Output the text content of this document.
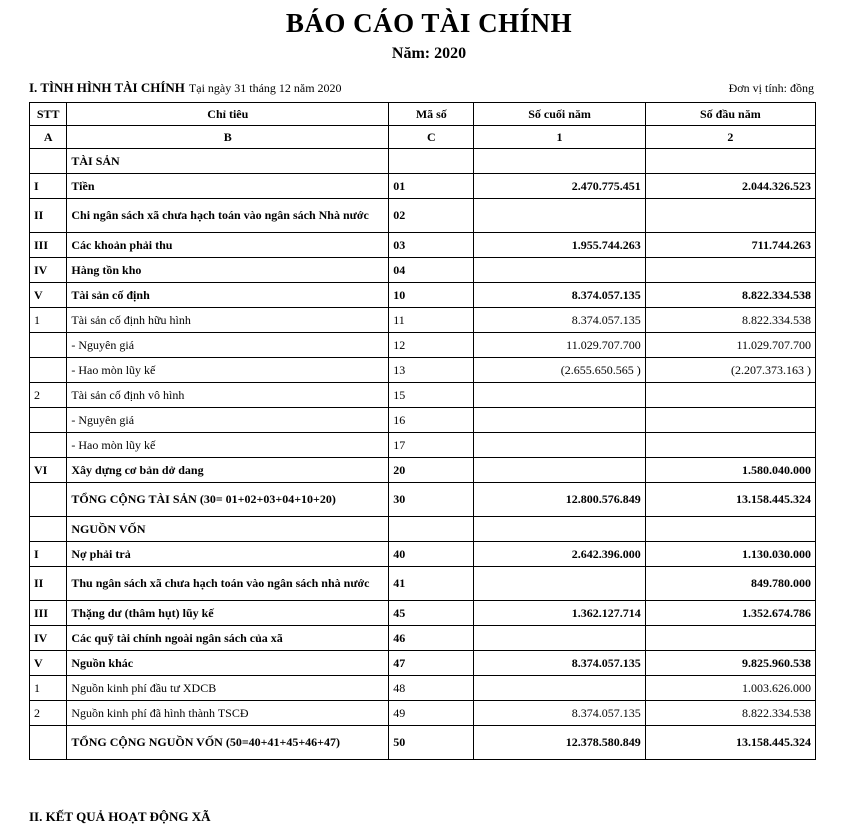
BÁO CÁO TÀI CHÍNH
Năm: 2020
I. TÌNH HÌNH TÀI CHÍNH Tại ngày 31 tháng 12 năm 2020	Đơn vị tính: đồng
STT	Chỉ tiêu	Mã số	Số cuối năm	Số đầu năm
A	B	C	1	2
	TÀI SẢN			
I	Tiền	01	2.470.775.451	2.044.326.523
II	Chi ngân sách xã chưa hạch toán vào ngân sách Nhà nước	02		
III	Các khoản phải thu	03	1.955.744.263	711.744.263
IV	Hàng tồn kho	04		
V	Tài sản cố định	10	8.374.057.135	8.822.334.538
1	Tài sản cố định hữu hình	11	8.374.057.135	8.822.334.538
	- Nguyên giá	12	11.029.707.700	11.029.707.700
	- Hao mòn lũy kế	13	(2.655.650.565 )	(2.207.373.163 )
2	Tài sản cố định vô hình	15		
	- Nguyên giá	16		
	- Hao mòn lũy kế	17		
VI	Xây dựng cơ bản dở dang	20		1.580.040.000
	TỔNG CỘNG TÀI SẢN (30= 01+02+03+04+10+20)	30	12.800.576.849	13.158.445.324
	NGUỒN VỐN			
I	Nợ phải trả	40	2.642.396.000	1.130.030.000
II	Thu ngân sách xã chưa hạch toán vào ngân sách nhà nước	41		849.780.000
III	Thặng dư (thâm hụt) lũy kế	45	1.362.127.714	1.352.674.786
IV	Các quỹ tài chính ngoài ngân sách của xã	46		
V	Nguồn khác	47	8.374.057.135	9.825.960.538
1	Nguồn kinh phí đầu tư XDCB	48		1.003.626.000
2	Nguồn kinh phí đã hình thành TSCĐ	49	8.374.057.135	8.822.334.538
	TỔNG CỘNG NGUỒN VỐN (50=40+41+45+46+47)	50	12.378.580.849	13.158.445.324
II. KẾT QUẢ HOẠT ĐỘNG XÃ
